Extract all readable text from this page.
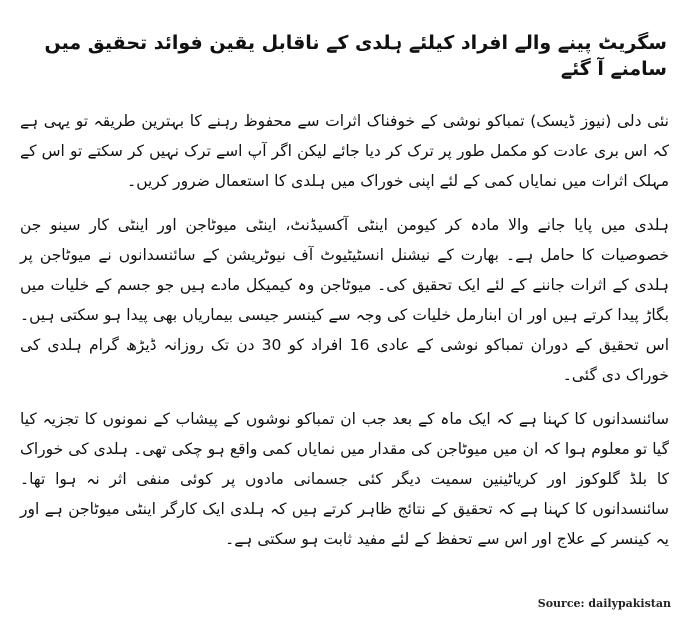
سگریٹ پینے والے افراد کیلئے ہلدی کے ناقابل یقین فوائد تحقیق میں سامنے آ گئے

نئی دلی (نیوز ڈیسک) تمباکو نوشی کے خوفناک اثرات سے محفوظ رہنے کا بہترین طریقہ تو یہی ہے کہ اس بری عادت کو مکمل طور پر ترک کر دیا جائے لیکن اگر آپ اسے ترک نہیں کر سکتے تو اس کے مہلک اثرات میں نمایاں کمی کے لئے اپنی خوراک میں ہلدی کا استعمال ضرور کریں۔

ہلدی میں پایا جانے والا مادہ کر کیومن اینٹی آکسیڈنٹ، اینٹی میوٹاجن اور اینٹی کار سینو جن خصوصیات کا حامل ہے۔ بھارت کے نیشنل انسٹیٹیوٹ آف نیوٹریشن کے سائنسدانوں نے میوٹاجن پر ہلدی کے اثرات جاننے کے لئے ایک تحقیق کی۔ میوٹاجن وہ کیمیکل مادے ہیں جو جسم کے خلیات میں بگاڑ پیدا کرتے ہیں اور ان ابنارمل خلیات کی وجہ سے کینسر جیسی بیماریاں بھی پیدا ہو سکتی ہیں۔ اس تحقیق کے دوران تمباکو نوشی کے عادی 16 افراد کو 30 دن تک روزانہ ڈیڑھ گرام ہلدی کی خوراک دی گئی۔

سائنسدانوں کا کہنا ہے کہ ایک ماہ کے بعد جب ان تمباکو نوشوں کے پیشاب کے نمونوں کا تجزیہ کیا گیا تو معلوم ہوا کہ ان میں میوٹاجن کی مقدار میں نمایاں کمی واقع ہو چکی تھی۔ ہلدی کی خوراک کا بلڈ گلوکوز اور کریاٹینین سمیت دیگر کئی جسمانی مادوں پر کوئی منفی اثر نہ ہوا تھا۔ سائنسدانوں کا کہنا ہے کہ تحقیق کے نتائج ظاہر کرتے ہیں کہ ہلدی ایک کارگر اینٹی میوٹاجن ہے اور یہ کینسر کے علاج اور اس سے تحفظ کے لئے مفید ثابت ہو سکتی ہے۔

Source: dailypakistan
